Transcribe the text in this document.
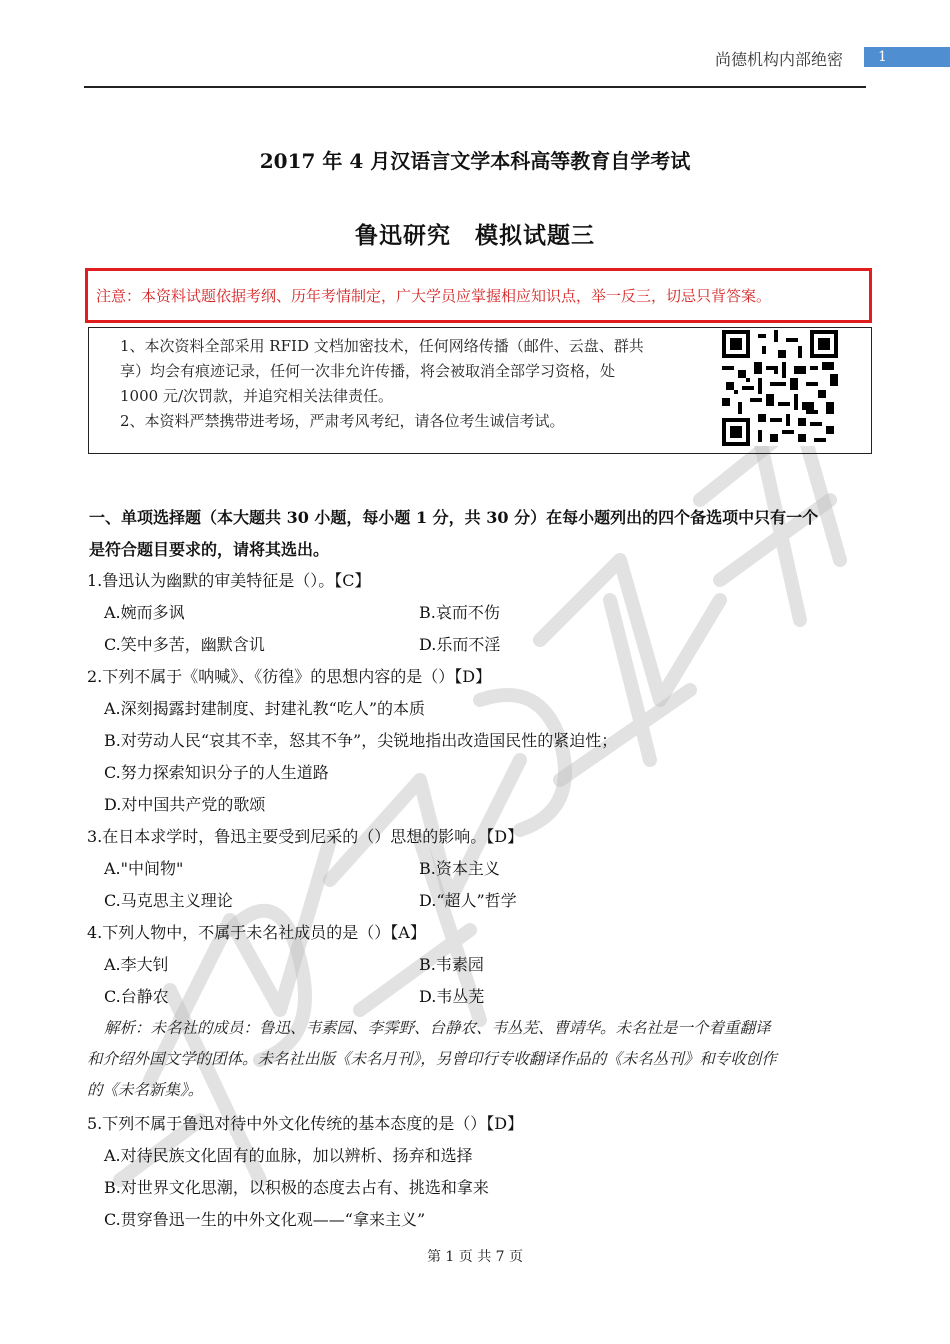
尚德机构内部绝密	1
2017 年 4 月汉语言文学本科高等教育自学考试
鲁迅研究　模拟试题三
注意：本资料试题依据考纲、历年考情制定，广大学员应掌握相应知识点，举一反三，切忌只背答案。
1、本次资料全部采用 RFID 文档加密技术，任何网络传播（邮件、云盘、群共
享）均会有痕迹记录，任何一次非允许传播，将会被取消全部学习资格，处
1000 元/次罚款，并追究相关法律责任。
2、本资料严禁携带进考场，严肃考风考纪，请各位考生诚信考试。
一、单项选择题（本大题共 30 小题，每小题 1 分，共 30 分）在每小题列出的四个备选项中只有一个
是符合题目要求的，请将其选出。
1.鲁迅认为幽默的审美特征是（）。【C】
A.婉而多讽	B.哀而不伤
C.笑中多苦，幽默含讥	D.乐而不淫
2.下列不属于《呐喊》、《彷徨》的思想内容的是（）【D】
A.深刻揭露封建制度、封建礼教“吃人”的本质
B.对劳动人民“哀其不幸，怒其不争”，尖锐地指出改造国民性的紧迫性；
C.努力探索知识分子的人生道路
D.对中国共产党的歌颂
3.在日本求学时，鲁迅主要受到尼采的（）思想的影响。【D】
A."中间物"	B.资本主义
C.马克思主义理论	D.“超人”哲学
4.下列人物中，不属于未名社成员的是（）【A】
A.李大钊	B.韦素园
C.台静农	D.韦丛芜
解析：未名社的成员：鲁迅、韦素园、李霁野、台静农、韦丛芜、曹靖华。未名社是一个着重翻译
和介绍外国文学的团体。未名社出版《未名月刊》，另曾印行专收翻译作品的《未名丛刊》和专收创作
的《未名新集》。
5.下列不属于鲁迅对待中外文化传统的基本态度的是（）【D】
A.对待民族文化固有的血脉，加以辨析、扬弃和选择
B.对世界文化思潮，以积极的态度去占有、挑选和拿来
C.贯穿鲁迅一生的中外文化观——“拿来主义”
第 1 页 共 7 页
